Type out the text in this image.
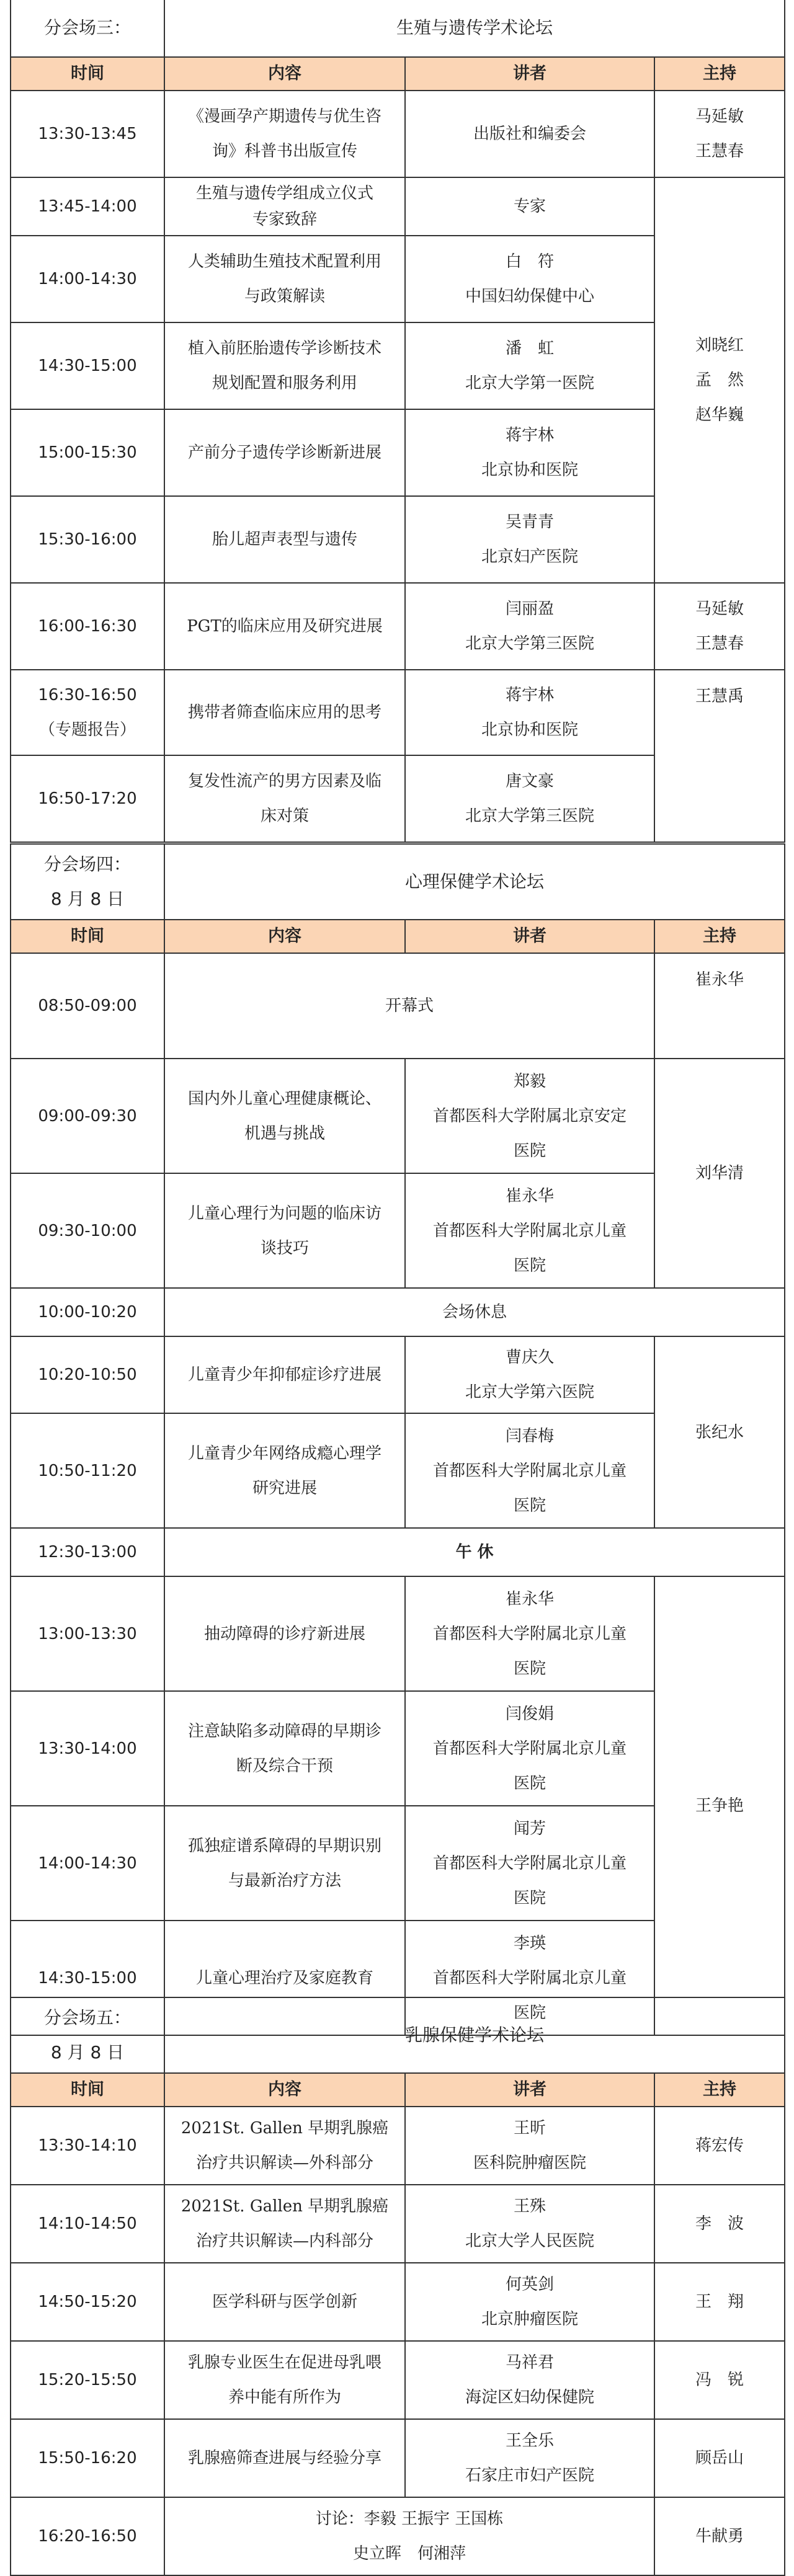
分会场三：	生殖与遗传学术论坛		
时间	内容	讲者	主持

13:30-13:45	《漫画孕产期遗传与优生咨
询》科普书出版宣传	出版社和编委会	马延敏
王慧春

13:45-14:00	生殖与遗传学组成立仪式
专家致辞	专家	刘晓红
孟　然
赵华巍

14:00-14:30	人类辅助生殖技术配置利用
与政策解读	白　符
中国妇幼保健中心	

14:30-15:00	植入前胚胎遗传学诊断技术
规划配置和服务利用	潘　虹
北京大学第一医院	

15:00-15:30	产前分子遗传学诊断新进展	蒋宇林
北京协和医院	

15:30-16:00	胎儿超声表型与遗传	吴青青
北京妇产医院	

16:00-16:30	PGT的临床应用及研究进展	闫丽盈
北京大学第三医院	马延敏
王慧春

16:30-16:50
（专题报告）	携带者筛查临床应用的思考	蒋宇林
北京协和医院	王慧禹

16:50-17:20	复发性流产的男方因素及临
床对策	唐文豪
北京大学第三医院	
分会场四：
8 月 8 日	心理保健学术论坛		
时间	内容	讲者	主持

08:50-09:00	开幕式		崔永华

09:00-09:30	国内外儿童心理健康概论、
机遇与挑战	郑毅
首都医科大学附属北京安定
医院	刘华清

09:30-10:00	儿童心理行为问题的临床访
谈技巧	崔永华
首都医科大学附属北京儿童
医院	

10:00-10:20	会场休息		

10:20-10:50	儿童青少年抑郁症诊疗进展	曹庆久
北京大学第六医院	张纪水

10:50-11:20	儿童青少年网络成瘾心理学
研究进展	闫春梅
首都医科大学附属北京儿童
医院	

12:30-13:00	午 休		

13:00-13:30	抽动障碍的诊疗新进展	崔永华
首都医科大学附属北京儿童
医院	王争艳

13:30-14:00	注意缺陷多动障碍的早期诊
断及综合干预	闫俊娟
首都医科大学附属北京儿童
医院	

14:00-14:30	孤独症谱系障碍的早期识别
与最新治疗方法	闻芳
首都医科大学附属北京儿童
医院	

14:30-15:00	儿童心理治疗及家庭教育	李瑛
首都医科大学附属北京儿童
医院	
分会场五：
8 月 8 日	乳腺保健学术论坛		
时间	内容	讲者	主持

13:30-14:10	2021St. Gallen 早期乳腺癌
治疗共识解读—外科部分	王昕
医科院肿瘤医院	蒋宏传

14:10-14:50	2021St. Gallen 早期乳腺癌
治疗共识解读—内科部分	王殊
北京大学人民医院	李　波

14:50-15:20	医学科研与医学创新	何英剑
北京肿瘤医院	王　翔

15:20-15:50	乳腺专业医生在促进母乳喂
养中能有所作为	马祥君
海淀区妇幼保健院	冯　锐

15:50-16:20	乳腺癌筛查进展与经验分享	王全乐
石家庄市妇产医院	顾岳山

16:20-16:50	讨论：李毅 王振宇 王国栋
史立晖　何湘萍		牛献勇
